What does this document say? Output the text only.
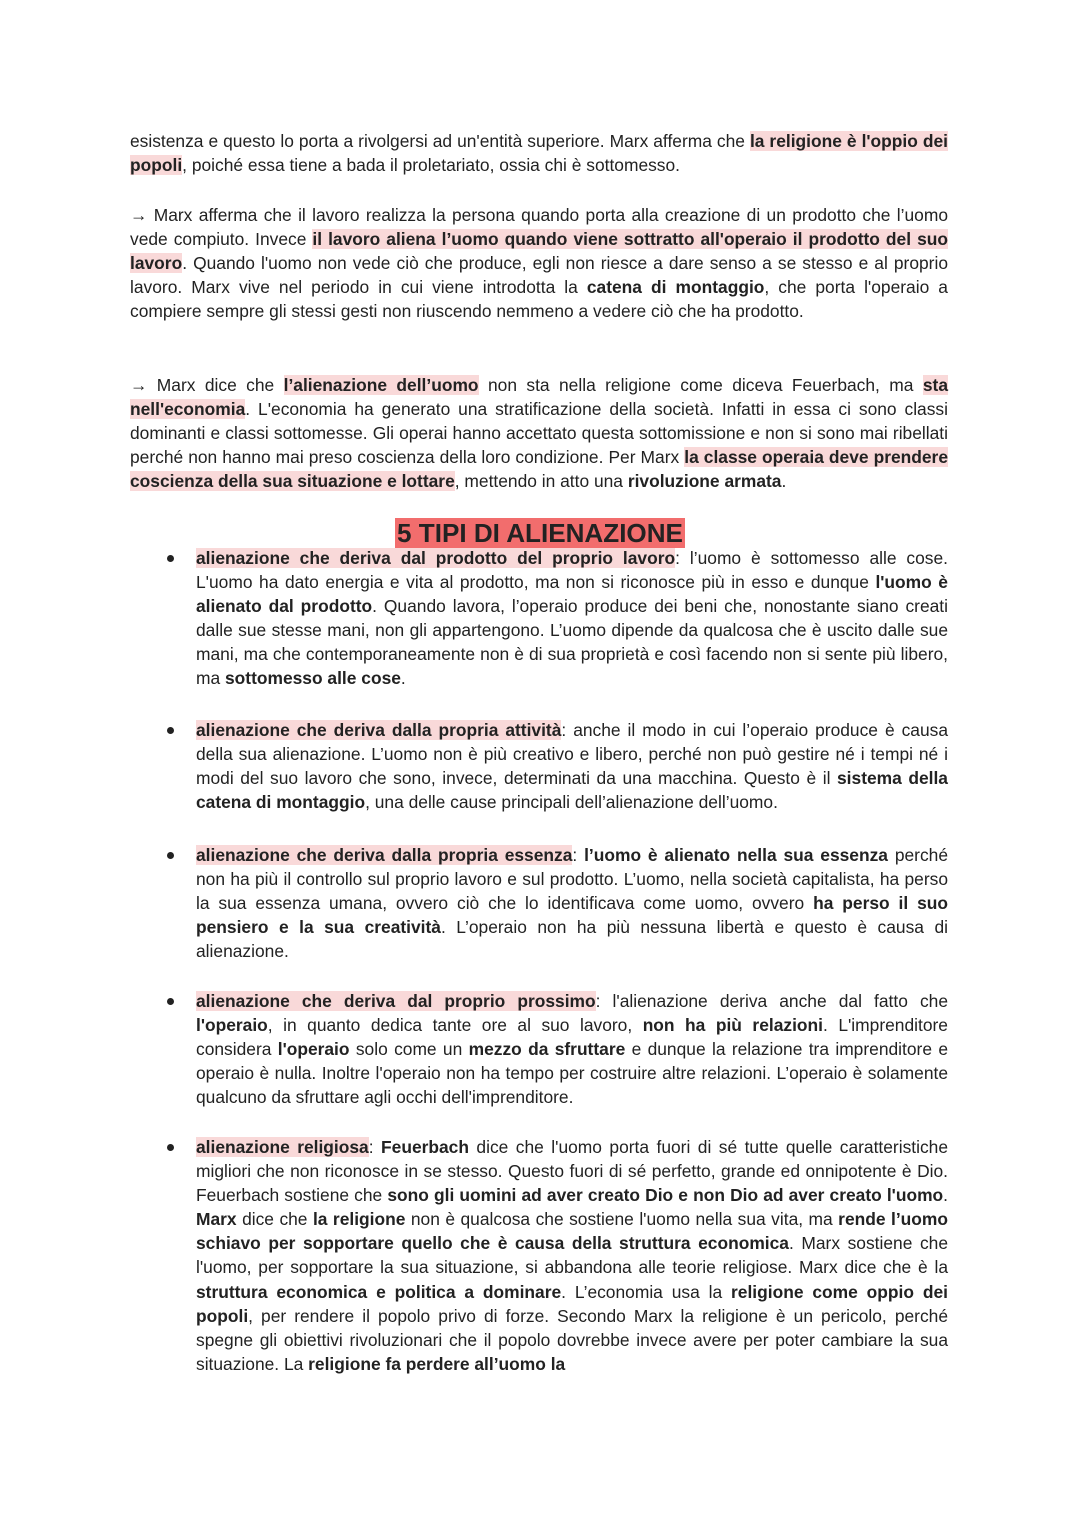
esistenza e questo lo porta a rivolgersi ad un'entità superiore. Marx afferma che la religione è l'oppio dei popoli, poiché essa tiene a bada il proletariato, ossia chi è sottomesso.

→ Marx afferma che il lavoro realizza la persona quando porta alla creazione di un prodotto che l’uomo vede compiuto. Invece il lavoro aliena l’uomo quando viene sottratto all'operaio il prodotto del suo lavoro. Quando l'uomo non vede ciò che produce, egli non riesce a dare senso a se stesso e al proprio lavoro. Marx vive nel periodo in cui viene introdotta la catena di montaggio, che porta l'operaio a compiere sempre gli stessi gesti non riuscendo nemmeno a vedere ciò che ha prodotto.

→ Marx dice che l’alienazione dell’uomo non sta nella religione come diceva Feuerbach, ma sta nell'economia. L'economia ha generato una stratificazione della società. Infatti in essa ci sono classi dominanti e classi sottomesse. Gli operai hanno accettato questa sottomissione e non si sono mai ribellati perché non hanno mai preso coscienza della loro condizione. Per Marx la classe operaia deve prendere coscienza della sua situazione e lottare, mettendo in atto una rivoluzione armata.

5 TIPI DI ALIENAZIONE
alienazione che deriva dal prodotto del proprio lavoro: l’uomo è sottomesso alle cose. L'uomo ha dato energia e vita al prodotto, ma non si riconosce più in esso e dunque l'uomo è alienato dal prodotto. Quando lavora, l’operaio produce dei beni che, nonostante siano creati dalle sue stesse mani, non gli appartengono. L’uomo dipende da qualcosa che è uscito dalle sue mani, ma che contemporaneamente non è di sua proprietà e così facendo non si sente più libero, ma sottomesso alle cose.
alienazione che deriva dalla propria attività: anche il modo in cui l’operaio produce è causa della sua alienazione. L’uomo non è più creativo e libero, perché non può gestire né i tempi né i modi del suo lavoro che sono, invece, determinati da una macchina. Questo è il sistema della catena di montaggio, una delle cause principali dell’alienazione dell’uomo.
alienazione che deriva dalla propria essenza: l’uomo è alienato nella sua essenza perché non ha più il controllo sul proprio lavoro e sul prodotto. L’uomo, nella società capitalista, ha perso la sua essenza umana, ovvero ciò che lo identificava come uomo, ovvero ha perso il suo pensiero e la sua creatività. L’operaio non ha più nessuna libertà e questo è causa di alienazione.
alienazione che deriva dal proprio prossimo: l'alienazione deriva anche dal fatto che l'operaio, in quanto dedica tante ore al suo lavoro, non ha più relazioni. L'imprenditore considera l'operaio solo come un mezzo da sfruttare e dunque la relazione tra imprenditore e operaio è nulla. Inoltre l'operaio non ha tempo per costruire altre relazioni. L’operaio è solamente qualcuno da sfruttare agli occhi dell'imprenditore.
alienazione religiosa: Feuerbach dice che l'uomo porta fuori di sé tutte quelle caratteristiche migliori che non riconosce in se stesso. Questo fuori di sé perfetto, grande ed onnipotente è Dio. Feuerbach sostiene che sono gli uomini ad aver creato Dio e non Dio ad aver creato l'uomo. Marx dice che la religione non è qualcosa che sostiene l'uomo nella sua vita, ma rende l’uomo schiavo per sopportare quello che è causa della struttura economica. Marx sostiene che l'uomo, per sopportare la sua situazione, si abbandona alle teorie religiose. Marx dice che è la struttura economica e politica a dominare. L’economia usa la religione come oppio dei popoli, per rendere il popolo privo di forze. Secondo Marx la religione è un pericolo, perché spegne gli obiettivi rivoluzionari che il popolo dovrebbe invece avere per poter cambiare la sua situazione. La religione fa perdere all’uomo la
